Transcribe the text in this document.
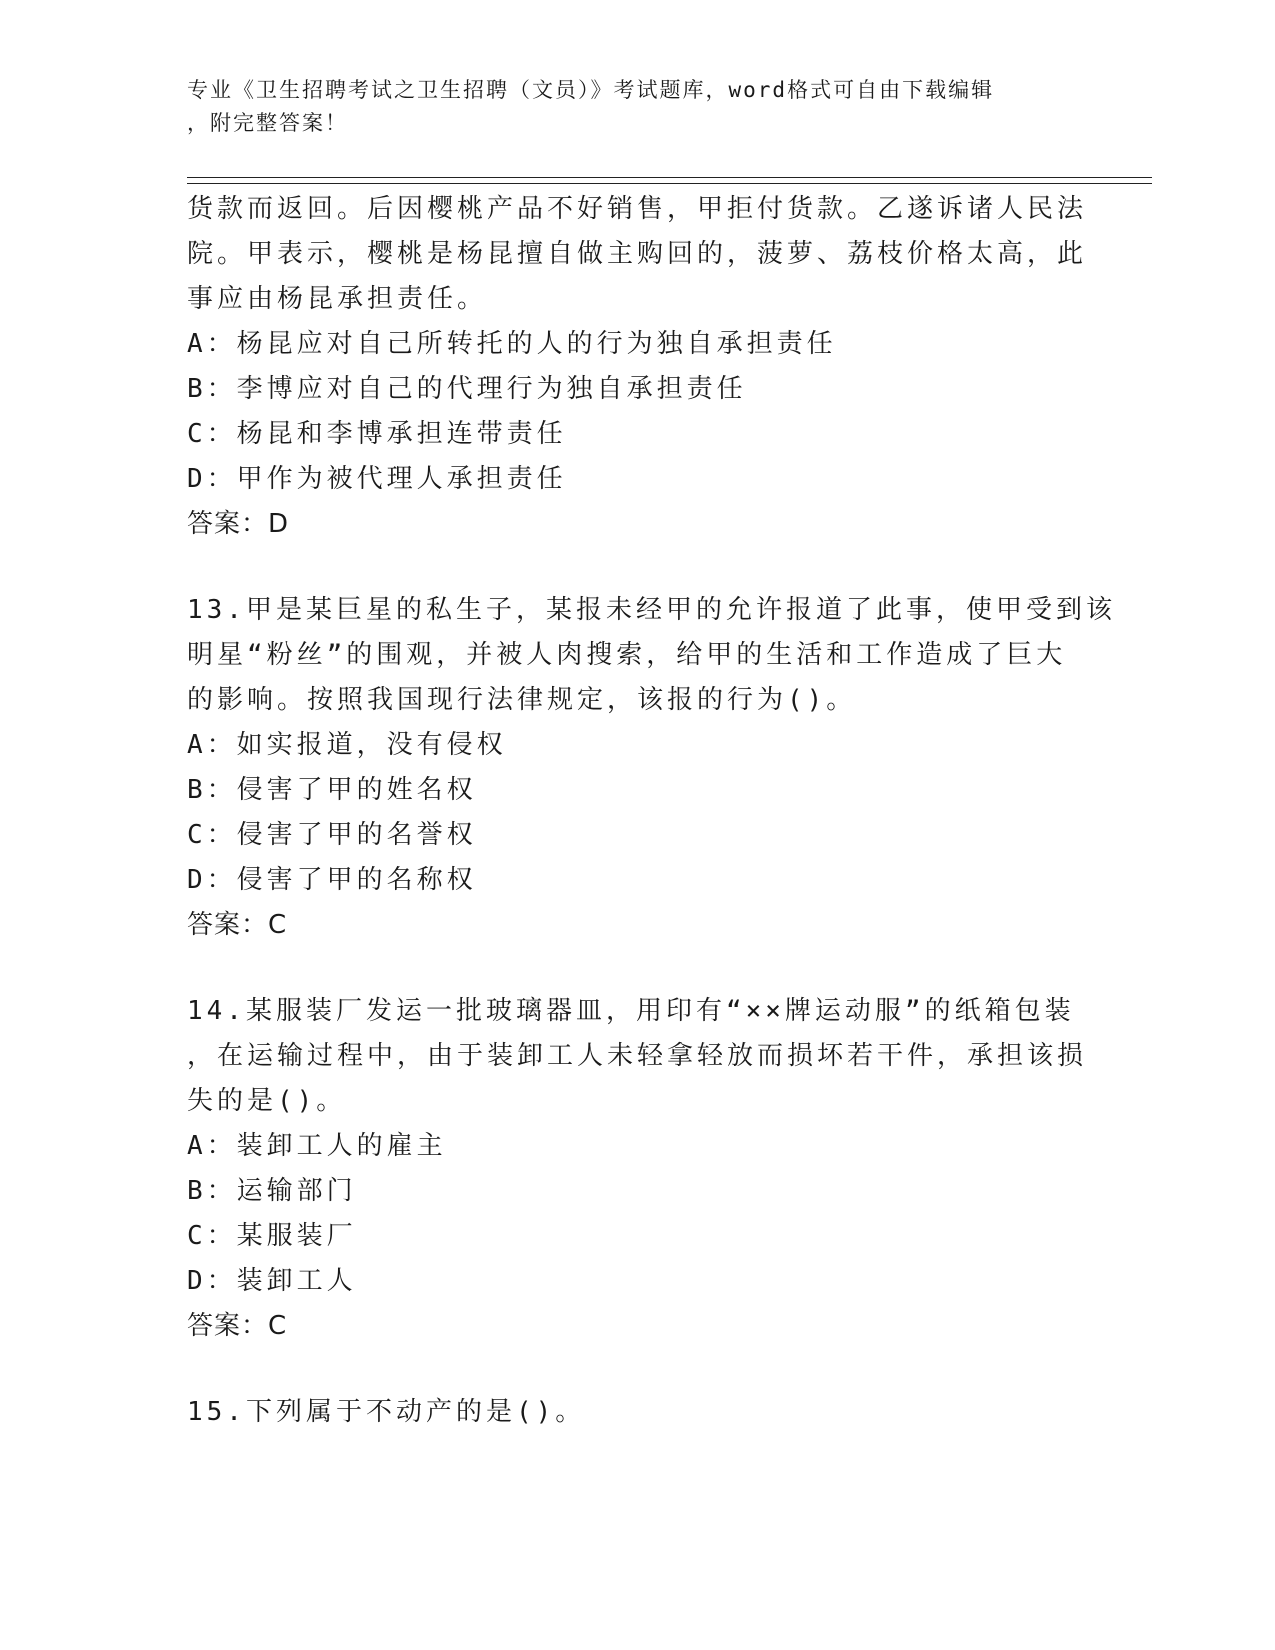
专业《卫生招聘考试之卫生招聘（文员）》考试题库，word格式可自由下载编辑
，附完整答案！
货款而返回。后因樱桃产品不好销售，甲拒付货款。乙遂诉诸人民法
院。甲表示，樱桃是杨昆擅自做主购回的，菠萝、荔枝价格太高，此
事应由杨昆承担责任。
A：杨昆应对自己所转托的人的行为独自承担责任
B：李博应对自己的代理行为独自承担责任
C：杨昆和李博承担连带责任
D：甲作为被代理人承担责任
答案：D
13.甲是某巨星的私生子，某报未经甲的允许报道了此事，使甲受到该
明星“粉丝”的围观，并被人肉搜索，给甲的生活和工作造成了巨大
的影响。按照我国现行法律规定，该报的行为()。
A：如实报道，没有侵权
B：侵害了甲的姓名权
C：侵害了甲的名誉权
D：侵害了甲的名称权
答案：C
14.某服装厂发运一批玻璃器皿，用印有“××牌运动服”的纸箱包装
，在运输过程中，由于装卸工人未轻拿轻放而损坏若干件，承担该损
失的是()。
A：装卸工人的雇主
B：运输部门
C：某服装厂
D：装卸工人
答案：C
15.下列属于不动产的是()。
